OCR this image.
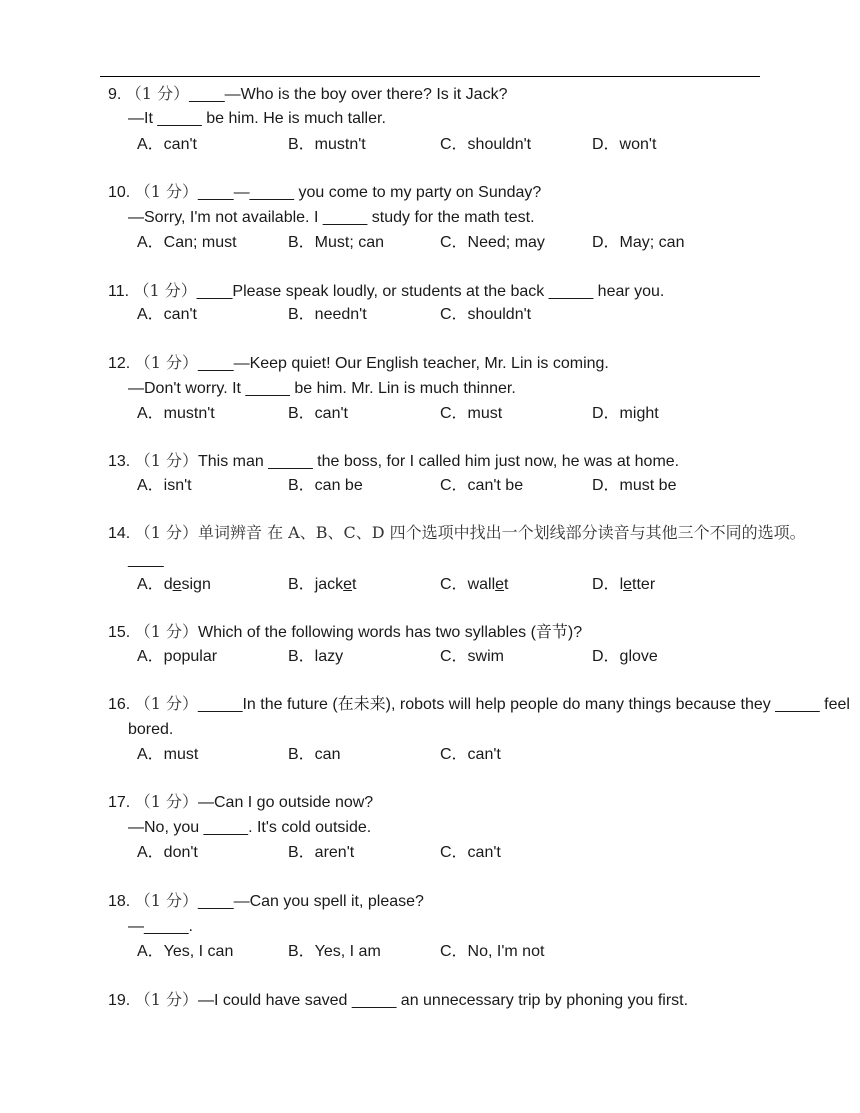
9. （1 分）____—Who is the boy over there? Is it Jack?
—It _____ be him. He is much taller.
A．can't	B．mustn't	C．shouldn't	D．won't
10. （1 分）____—_____ you come to my party on Sunday?
—Sorry, I'm not available. I _____ study for the math test.
A．Can; must	B．Must; can	C．Need; may	D．May; can
11. （1 分）____Please speak loudly, or students at the back _____ hear you.
A．can't	B．needn't	C．shouldn't
12. （1 分）____—Keep quiet! Our English teacher, Mr. Lin is coming.
—Don't worry. It _____ be him. Mr. Lin is much thinner.
A．mustn't	B．can't	C．must	D．might
13. （1 分）This man _____ the boss, for I called him just now, he was at home.
A．isn't	B．can be	C．can't be	D．must be
14. （1 分）单词辨音 在 A、B、C、D 四个选项中找出一个划线部分读音与其他三个不同的选项。
____
A．design	B．jacket	C．wallet	D．letter
15. （1 分）Which of the following words has two syllables (音节)?
A．popular	B．lazy	C．swim	D．glove
16. （1 分）_____In the future (在未来), robots will help people do many things because they _____ feel
bored.
A．must	B．can	C．can't
17. （1 分）—Can I go outside now?
—No, you _____. It's cold outside.
A．don't	B．aren't	C．can't
18. （1 分）____—Can you spell it, please?
—_____.
A．Yes, I can	B．Yes, I am	C．No, I'm not
19. （1 分）—I could have saved _____ an unnecessary trip by phoning you first.
